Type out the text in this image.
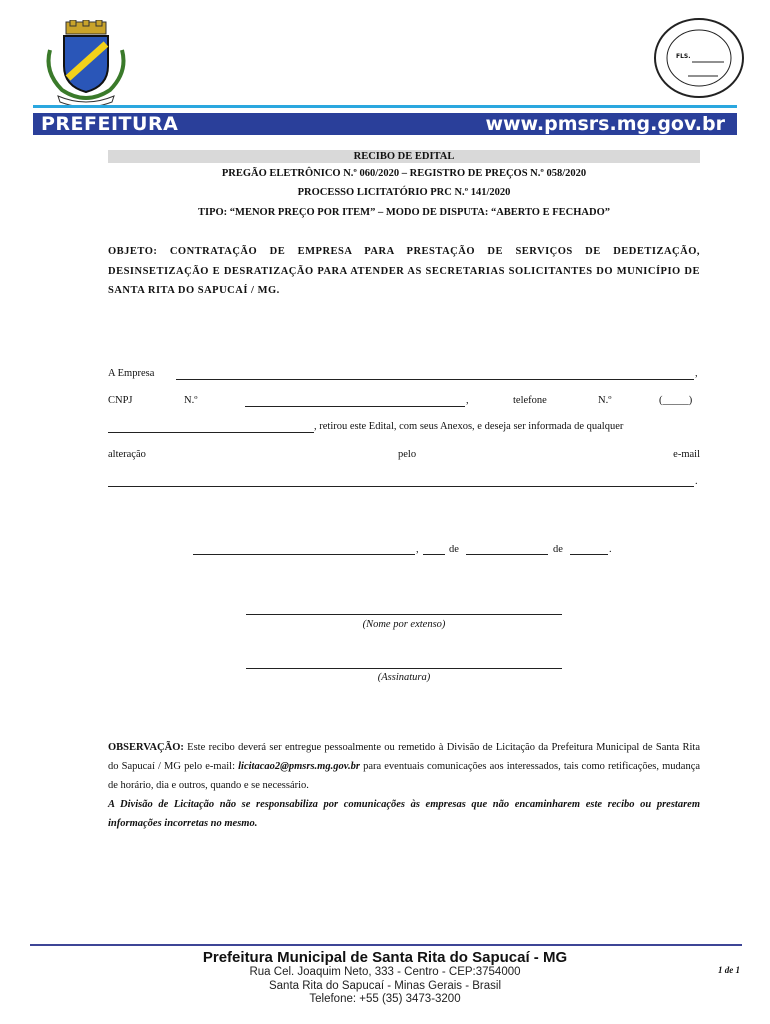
FLS.
PREFEITURA	www.pmsrs.mg.gov.br
RECIBO DE EDITAL
PREGÃO ELETRÔNICO N.º 060/2020 – REGISTRO DE PREÇOS N.º 058/2020
PROCESSO LICITATÓRIO PRC N.º 141/2020
TIPO: “MENOR PREÇO POR ITEM” – MODO DE DISPUTA: “ABERTO E FECHADO”
OBJETO: CONTRATAÇÃO DE EMPRESA PARA PRESTAÇÃO DE SERVIÇOS DE DEDETIZAÇÃO, DESINSETIZAÇÃO E DESRATIZAÇÃO PARA ATENDER AS SECRETARIAS SOLICITANTES DO MUNICÍPIO DE SANTA RITA DO SAPUCAÍ / MG.
A Empresa	,
CNPJ	N.º	,	telefone	N.º	(_____)
, retirou este Edital, com seus Anexos, e deseja ser informada de qualquer
alteração	pelo	e-mail
.
,	de	de	.
(Nome por extenso)
(Assinatura)
OBSERVAÇÃO: Este recibo deverá ser entregue pessoalmente ou remetido à Divisão de Licitação da Prefeitura Municipal de Santa Rita do Sapucaí / MG pelo e-mail: licitacao2@pmsrs.mg.gov.br para eventuais comunicações aos interessados, tais como retificações, mudança de horário, dia e outros, quando e se necessário.
A Divisão de Licitação não se responsabiliza por comunicações às empresas que não encaminharem este recibo ou prestarem informações incorretas no mesmo.
Prefeitura Municipal de Santa Rita do Sapucaí - MG
Rua Cel. Joaquim Neto, 333 - Centro - CEP:3754000
Santa Rita do Sapucaí - Minas Gerais - Brasil
Telefone: +55 (35) 3473-3200
1 de 1
